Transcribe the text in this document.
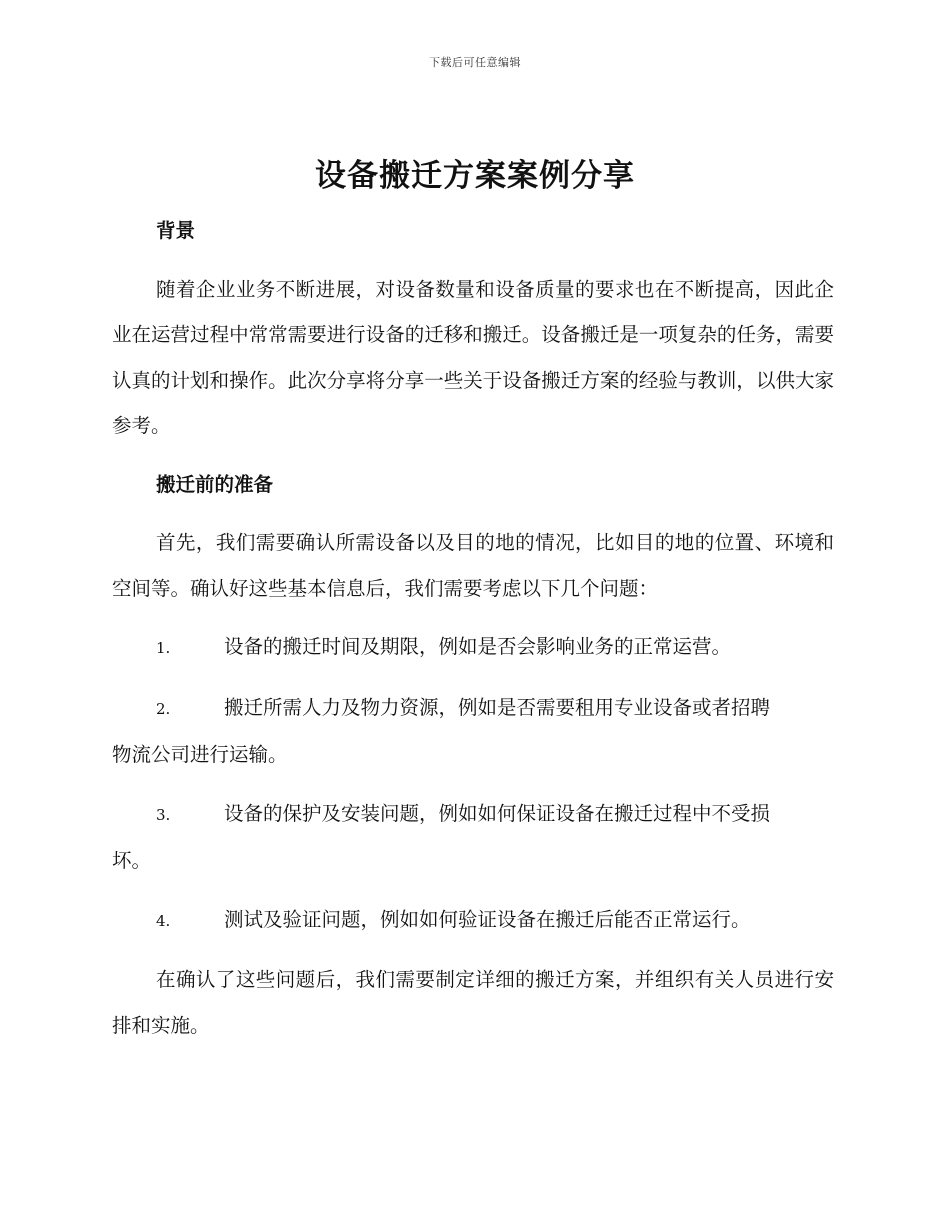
下载后可任意编辑
设备搬迁方案案例分享

背景

随着企业业务不断进展，对设备数量和设备质量的要求也在不断提高，因此企业在运营过程中常常需要进行设备的迁移和搬迁。设备搬迁是一项复杂的任务，需要认真的计划和操作。此次分享将分享一些关于设备搬迁方案的经验与教训，以供大家参考。

搬迁前的准备

首先，我们需要确认所需设备以及目的地的情况，比如目的地的位置、环境和空间等。确认好这些基本信息后，我们需要考虑以下几个问题：

1.	设备的搬迁时间及期限，例如是否会影响业务的正常运营。
2.	搬迁所需人力及物力资源，例如是否需要租用专业设备或者招聘
物流公司进行运输。
3.	设备的保护及安装问题，例如如何保证设备在搬迁过程中不受损
坏。
4.	测试及验证问题，例如如何验证设备在搬迁后能否正常运行。

在确认了这些问题后，我们需要制定详细的搬迁方案，并组织有关人员进行安排和实施。
